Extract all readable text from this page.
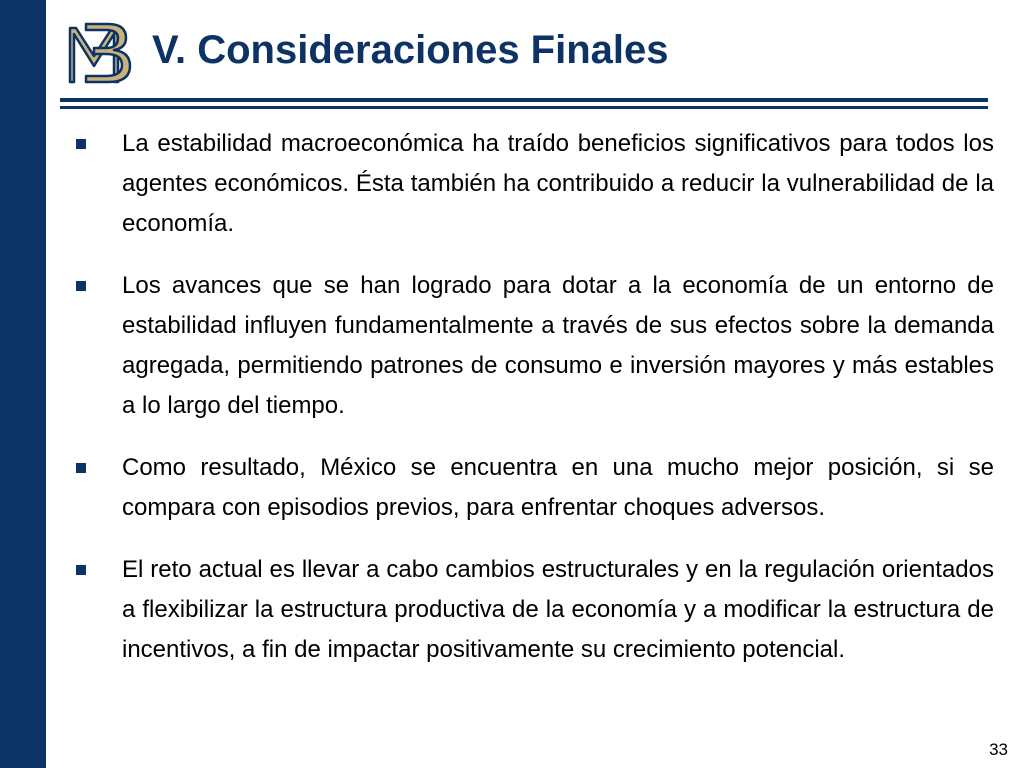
V. Consideraciones Finales
La estabilidad macroeconómica ha traído beneficios significativos para todos los agentes económicos. Ésta también ha contribuido a reducir la vulnerabilidad de la economía.
Los avances que se han logrado para dotar a la economía de un entorno de estabilidad influyen fundamentalmente a través de sus efectos sobre la demanda agregada, permitiendo patrones de consumo e inversión mayores y más estables a lo largo del tiempo.
Como resultado, México se encuentra en una mucho mejor posición, si se compara con episodios previos, para enfrentar choques adversos.
El reto actual es llevar a cabo cambios estructurales y en la regulación orientados a flexibilizar la estructura productiva de la economía y a modificar la estructura de incentivos, a fin de impactar positivamente su crecimiento potencial.
33
